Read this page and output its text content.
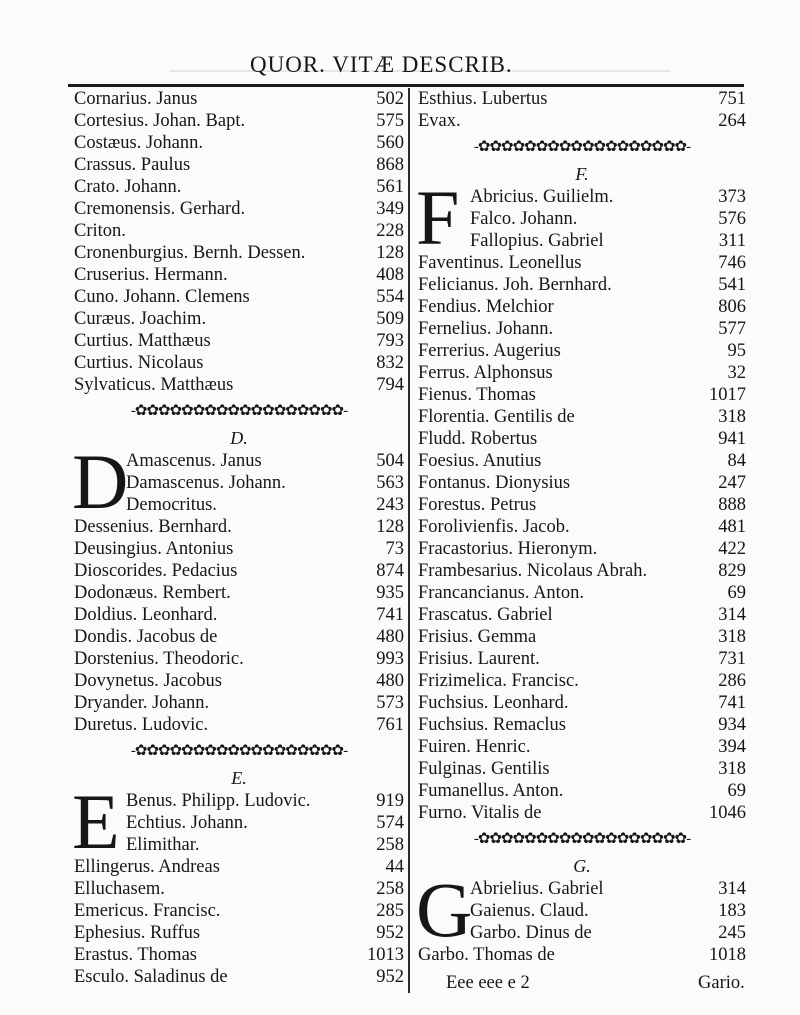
QUOR. VITÆ DESCRIB.
Cornarius. Janus	502
Cortesius. Johan. Bapt.	575
Costæus. Johann.	560
Crassus. Paulus	868
Crato. Johann.	561
Cremonensis. Gerhard.	349
Criton.	228
Cronenburgius. Bernh. Dessen.	128
Cruserius. Hermann.	408
Cuno. Johann. Clemens	554
Curæus. Joachim.	509
Curtius. Matthæus	793
Curtius. Nicolaus	832
Sylvaticus. Matthæus	794
-✿✿✿✿✿✿✿✿✿✿✿✿✿✿✿✿✿✿-
D.
D
Amascenus. Janus	504
Damascenus. Johann.	563
Democritus.	243
Dessenius. Bernhard.	128
Deusingius. Antonius	73
Dioscorides. Pedacius	874
Dodonæus. Rembert.	935
Doldius. Leonhard.	741
Dondis. Jacobus de	480
Dorstenius. Theodoric.	993
Dovynetus. Jacobus	480
Dryander. Johann.	573
Duretus. Ludovic.	761
-✿✿✿✿✿✿✿✿✿✿✿✿✿✿✿✿✿✿-
E.
E Benus. Philipp. Ludovic.	919
Echtius. Johann.	574
Elimithar.	258
Ellingerus. Andreas	44
Elluchasem.	258
Emericus. Francisc.	285
Ephesius. Ruffus	952
Erastus. Thomas	1013
Esculo. Saladinus de	952
Esthius. Lubertus	751
Evax.	264
-✿✿✿✿✿✿✿✿✿✿✿✿✿✿✿✿✿✿-
F.
F Abricius. Guilielm.	373
Falco. Johann.	576
Fallopius. Gabriel	311
Faventinus. Leonellus	746
Felicianus. Joh. Bernhard.	541
Fendius. Melchior	806
Fernelius. Johann.	577
Ferrerius. Augerius	95
Ferrus. Alphonsus	32
Fienus. Thomas	1017
Florentia. Gentilis de	318
Fludd. Robertus	941
Foesius. Anutius	84
Fontanus. Dionysius	247
Forestus. Petrus	888
Forolivienfis. Jacob.	481
Fracastorius. Hieronym.	422
Frambesarius. Nicolaus Abrah.	829
Francancianus. Anton.	69
Frascatus. Gabriel	314
Frisius. Gemma	318
Frisius. Laurent.	731
Frizimelica. Francisc.	286
Fuchsius. Leonhard.	741
Fuchsius. Remaclus	934
Fuiren. Henric.	394
Fulginas. Gentilis	318
Fumanellus. Anton.	69
Furno. Vitalis de	1046
-✿✿✿✿✿✿✿✿✿✿✿✿✿✿✿✿✿✿-
G.
G
Abrielius. Gabriel	314
Gaienus. Claud.	183
Garbo. Dinus de	245
Garbo. Thomas de	1018
Eee eee e 2	Gario.
